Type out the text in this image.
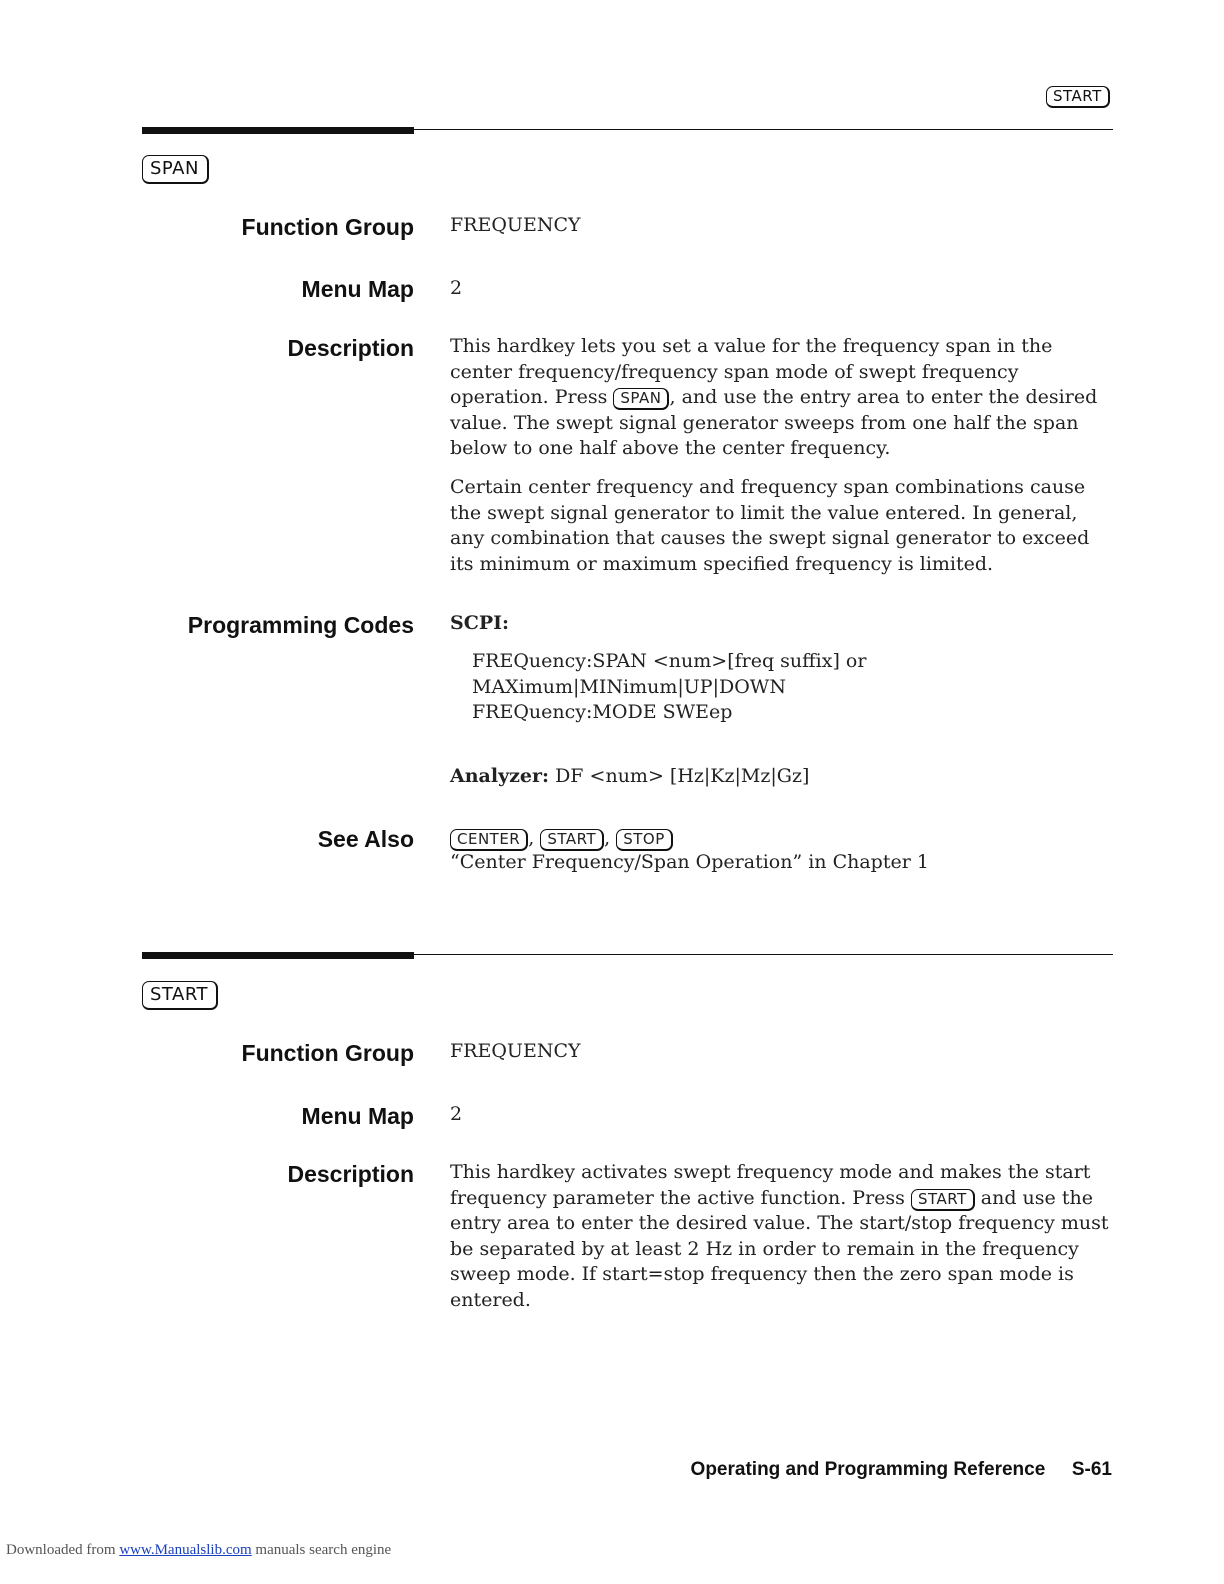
START
SPAN
Function Group FREQUENCY
Menu Map 2
Description This hardkey lets you set a value for the frequency span in the center frequency/frequency span mode of swept frequency operation. Press SPAN , and use the entry area to enter the desired value. The swept signal generator sweeps from one half the span below to one half above the center frequency.
Certain center frequency and frequency span combinations cause the swept signal generator to limit the value entered. In general, any combination that causes the swept signal generator to exceed its minimum or maximum specified frequency is limited.
Programming Codes SCPI:
FREQuency:SPAN <num>[freq suffix] or
MAXimum|MINimum|UP|DOWN
FREQuency:MODE SWEep
Analyzer: DF <num> [Hz|Kz|Mz|Gz]
See Also	CENTER , START , STOP
“Center Frequency/Span Operation” in Chapter 1
START
Function Group FREQUENCY
Menu Map 2
Description This hardkey activates swept frequency mode and makes the start frequency parameter the active function. Press START and use the entry area to enter the desired value. The start/stop frequency must be separated by at least 2 Hz in order to remain in the frequency sweep mode. If start=stop frequency then the zero span mode is entered.
Operating and Programming Reference S-61
Downloaded from www.Manualslib.com manuals search engine
